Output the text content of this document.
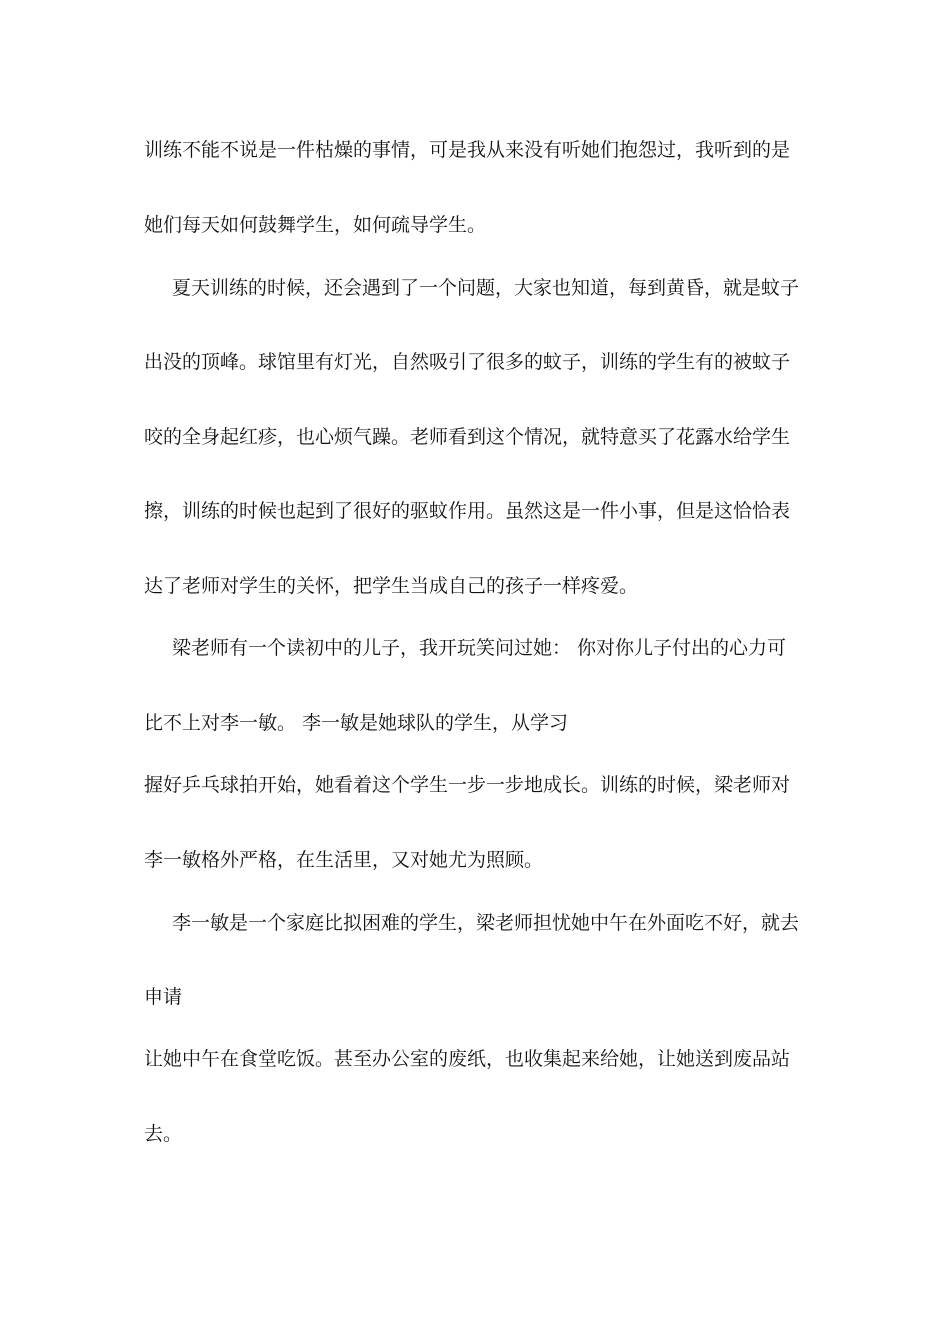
训练不能不说是一件枯燥的事情，可是我从来没有听她们抱怨过，我听到的是
她们每天如何鼓舞学生，如何疏导学生。
夏天训练的时候，还会遇到了一个问题，大家也知道，每到黄昏，就是蚊子
出没的顶峰。球馆里有灯光，自然吸引了很多的蚊子，训练的学生有的被蚊子
咬的全身起红疹，也心烦气躁。老师看到这个情况，就特意买了花露水给学生
擦，训练的时候也起到了很好的驱蚊作用。虽然这是一件小事，但是这恰恰表
达了老师对学生的关怀，把学生当成自己的孩子一样疼爱。
梁老师有一个读初中的儿子，我开玩笑问过她： 你对你儿子付出的心力可
比不上对李一敏。 李一敏是她球队的学生，从学习
握好乒乓球拍开始，她看着这个学生一步一步地成长。训练的时候，梁老师对
李一敏格外严格，在生活里，又对她尤为照顾。
李一敏是一个家庭比拟困难的学生，梁老师担忧她中午在外面吃不好，就去
申请
让她中午在食堂吃饭。甚至办公室的废纸，也收集起来给她，让她送到废品站
去。
